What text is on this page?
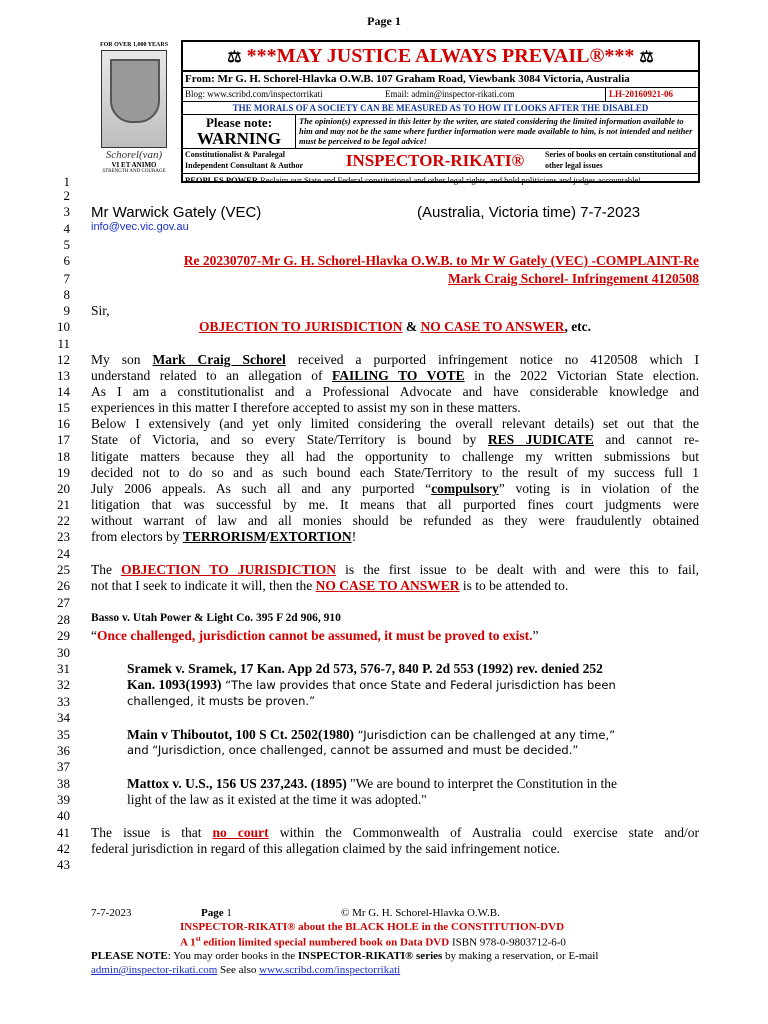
Page 1
FOR OVER 1,000 YEARS
Schorel(van)
VI ET ANIMO
STRENGTH AND COURAGE
⚖ ***MAY JUSTICE ALWAYS PREVAIL®*** ⚖
From: Mr G. H. Schorel-Hlavka O.W.B. 107 Graham Road, Viewbank 3084 Victoria, Australia
Blog: www.scribd.com/inspectorrikati	Email: admin@inspector-rikati.com	LH-20160921-06
THE MORALS OF A SOCIETY CAN BE MEASURED AS TO HOW IT LOOKS AFTER THE DISABLED
Please note:
WARNING
The opinion(s) expressed in this letter by the writer, are stated considering the limited information available to him and may not be the same where further information were made available to him, is not intended and neither must be perceived to be legal advice!
Constitutionalist & Paralegal Independent Consultant & Author	INSPECTOR-RIKATI®	Series of books on certain constitutional and other legal issues
PEOPLES POWER Reclaim our State and Federal constitutional and other legal rights, and hold politicians and judges accountable!
1
2
3
4
5
6
7
8
9
10
11
12
13
14
15
16
17
18
19
20
21
22
23
24
25
26
27
28
29
30
31
32
33
34
35
36
37
38
39
40
41
42
43
Mr Warwick Gately (VEC)	(Australia, Victoria time) 7-7-2023
info@vec.vic.gov.au
Re 20230707-Mr G. H. Schorel-Hlavka O.W.B. to Mr W Gately (VEC) -COMPLAINT-Re
Mark Craig Schorel- Infringement 4120508
Sir,
OBJECTION TO JURISDICTION & NO CASE TO ANSWER, etc.
My son Mark Craig Schorel received a purported infringement notice no 4120508 which I
understand related to an allegation of FAILING TO VOTE in the 2022 Victorian State election.
As I am a constitutionalist and a Professional Advocate and have considerable knowledge and
experiences in this matter I therefore accepted to assist my son in these matters.
Below I extensively (and yet only limited considering the overall relevant details) set out that the
State of Victoria, and so every State/Territory is bound by RES JUDICATE and cannot re-
litigate matters because they all had the opportunity to challenge my written submissions but
decided not to do so and as such bound each State/Territory to the result of my success full 1
July 2006 appeals. As such all and any purported “compulsory” voting is in violation of the
litigation that was successful by me. It means that all purported fines court judgments were
without warrant of law and all monies should be refunded as they were fraudulently obtained
from electors by TERRORISM/EXTORTION!
The OBJECTION TO JURISDICTION is the first issue to be dealt with and were this to fail,
not that I seek to indicate it will, then the NO CASE TO ANSWER is to be attended to.
Basso v. Utah Power & Light Co. 395 F 2d 906, 910
“Once challenged, jurisdiction cannot be assumed, it must be proved to exist.”
Sramek v. Sramek, 17 Kan. App 2d 573, 576-7, 840 P. 2d 553 (1992) rev. denied 252
Kan. 1093(1993) “The law provides that once State and Federal jurisdiction has been
challenged, it musts be proven.”
Main v Thiboutot, 100 S Ct. 2502(1980) “Jurisdiction can be challenged at any time,”
and “Jurisdiction, once challenged, cannot be assumed and must be decided.”
Mattox v. U.S., 156 US 237,243. (1895) "We are bound to interpret the Constitution in the
light of the law as it existed at the time it was adopted."
The issue is that no court within the Commonwealth of Australia could exercise state and/or
federal jurisdiction in regard of this allegation claimed by the said infringement notice.
7-7-2023	Page 1	© Mr G. H. Schorel-Hlavka O.W.B.
INSPECTOR-RIKATI® about the BLACK HOLE in the CONSTITUTION-DVD
A 1st edition limited special numbered book on Data DVD ISBN 978-0-9803712-6-0
PLEASE NOTE: You may order books in the INSPECTOR-RIKATI® series by making a reservation, or E-mail
admin@inspector-rikati.com See also www.scribd.com/inspectorrikati
